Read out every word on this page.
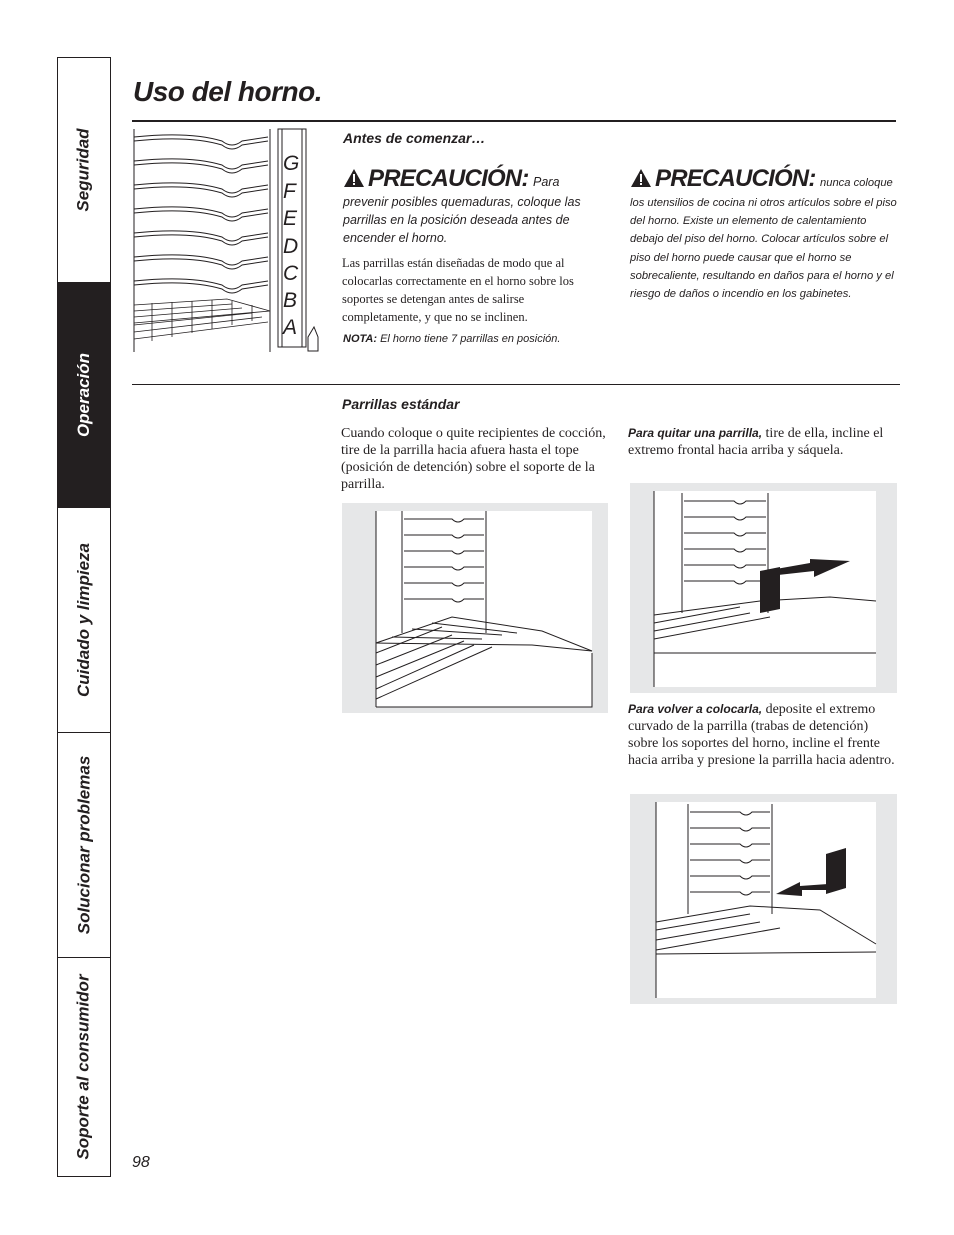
Seguridad
Operación
Cuidado y limpieza
Solucionar problemas
Soporte al consumidor
Uso del horno.
G
F
E
D
C
B
A
Antes de comenzar…
PRECAUCIÓN: Para prevenir posibles quemaduras, coloque las parrillas en la posición deseada antes de encender el horno.
PRECAUCIÓN: nunca coloque los utensilios de cocina ni otros artículos sobre el piso del horno. Existe un elemento de calentamiento debajo del piso del horno. Colocar artículos sobre el piso del horno puede causar que el horno se sobrecaliente, resultando en daños para el horno y el riesgo de daños o incendio en los gabinetes.

Las parrillas están diseñadas de modo que al colocarlas correctamente en el horno sobre los soportes se detengan antes de salirse completamente, y que no se inclinen.

NOTA: El horno tiene 7 parrillas en posición.

Parrillas estándar

Cuando coloque o quite recipientes de cocción, tire de la parrilla hacia afuera hasta el tope (posición de detención) sobre el soporte de la parrilla.

Para quitar una parrilla, tire de ella, incline el extremo frontal hacia arriba y sáquela.

Para volver a colocarla, deposite el extremo curvado de la parrilla (trabas de detención) sobre los soportes del horno, incline el frente hacia arriba y presione la parrilla hacia adentro.

98
